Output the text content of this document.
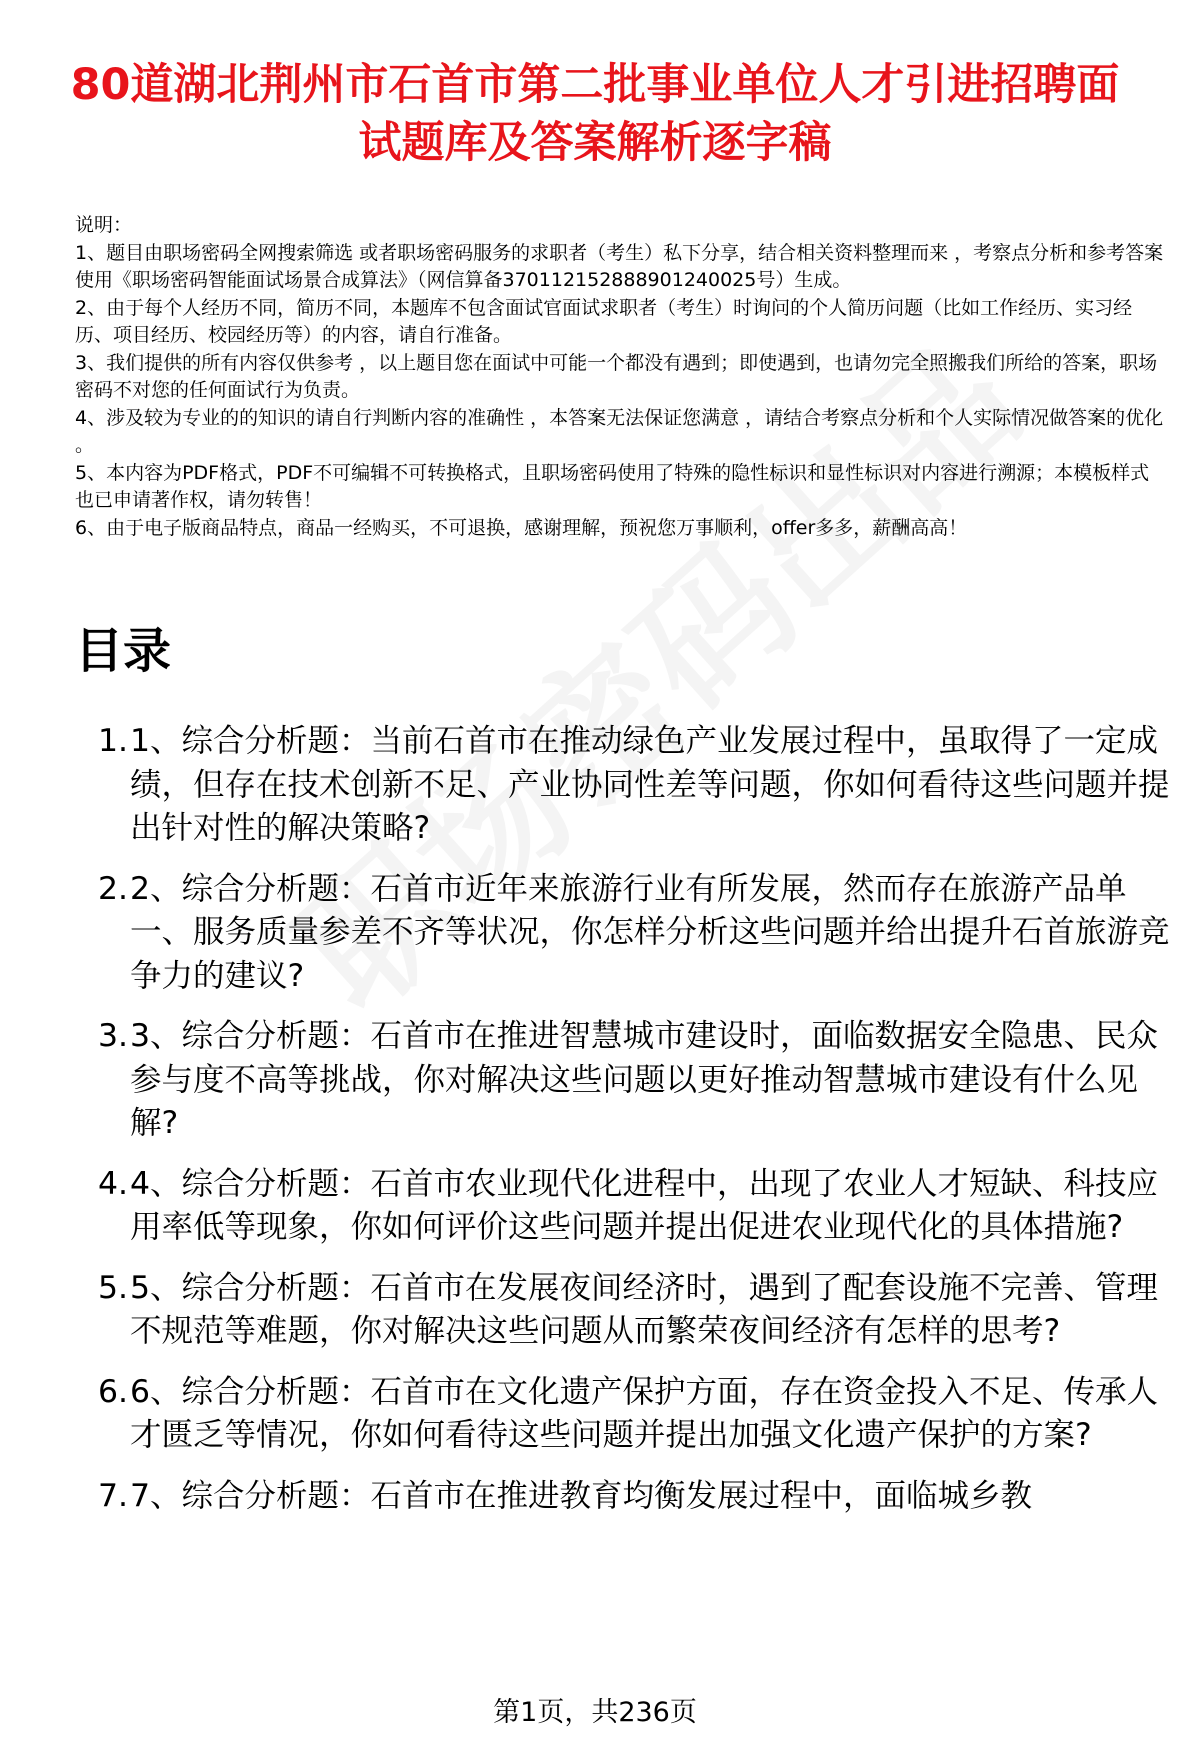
80道湖北荆州市石首市第二批事业单位人才引进招聘面试题库及答案解析逐字稿

说明：

1、题目由职场密码全网搜索筛选 或者职场密码服务的求职者（考生）私下分享，结合相关资料整理而来 ，考察点分析和参考答案使用《职场密码智能面试场景合成算法》（网信算备370112152888901240025号）生成。

2、由于每个人经历不同，简历不同，本题库不包含面试官面试求职者（考生）时询问的个人简历问题（比如工作经历、实习经历、项目经历、校园经历等）的内容，请自行准备。

3、我们提供的所有内容仅供参考 ，以上题目您在面试中可能一个都没有遇到；即使遇到，也请勿完全照搬我们所给的答案，职场密码不对您的任何面试行为负责。

4、涉及较为专业的的知识的请自行判断内容的准确性 ，本答案无法保证您满意 ，请结合考察点分析和个人实际情况做答案的优化 。

5、本内容为PDF格式，PDF不可编辑不可转换格式，且职场密码使用了特殊的隐性标识和显性标识对内容进行溯源；本模板样式也已申请著作权，请勿转售！

6、由于电子版商品特点，商品一经购买，不可退换，感谢理解，预祝您万事顺利，offer多多，薪酬高高！

目录
1. 1、综合分析题：当前石首市在推动绿色产业发展过程中，虽取得了一定成绩，但存在技术创新不足、产业协同性差等问题，你如何看待这些问题并提出针对性的解决策略?
2. 2、综合分析题：石首市近年来旅游行业有所发展，然而存在旅游产品单一、服务质量参差不齐等状况，你怎样分析这些问题并给出提升石首旅游竞争力的建议?
3. 3、综合分析题：石首市在推进智慧城市建设时，面临数据安全隐患、民众参与度不高等挑战，你对解决这些问题以更好推动智慧城市建设有什么见解?
4. 4、综合分析题：石首市农业现代化进程中，出现了农业人才短缺、科技应用率低等现象，你如何评价这些问题并提出促进农业现代化的具体措施?
5. 5、综合分析题：石首市在发展夜间经济时，遇到了配套设施不完善、管理不规范等难题，你对解决这些问题从而繁荣夜间经济有怎样的思考?
6. 6、综合分析题：石首市在文化遗产保护方面，存在资金投入不足、传承人才匮乏等情况，你如何看待这些问题并提出加强文化遗产保护的方案?
7. 7、综合分析题：石首市在推进教育均衡发展过程中，面临城乡教
第1页，共236页
